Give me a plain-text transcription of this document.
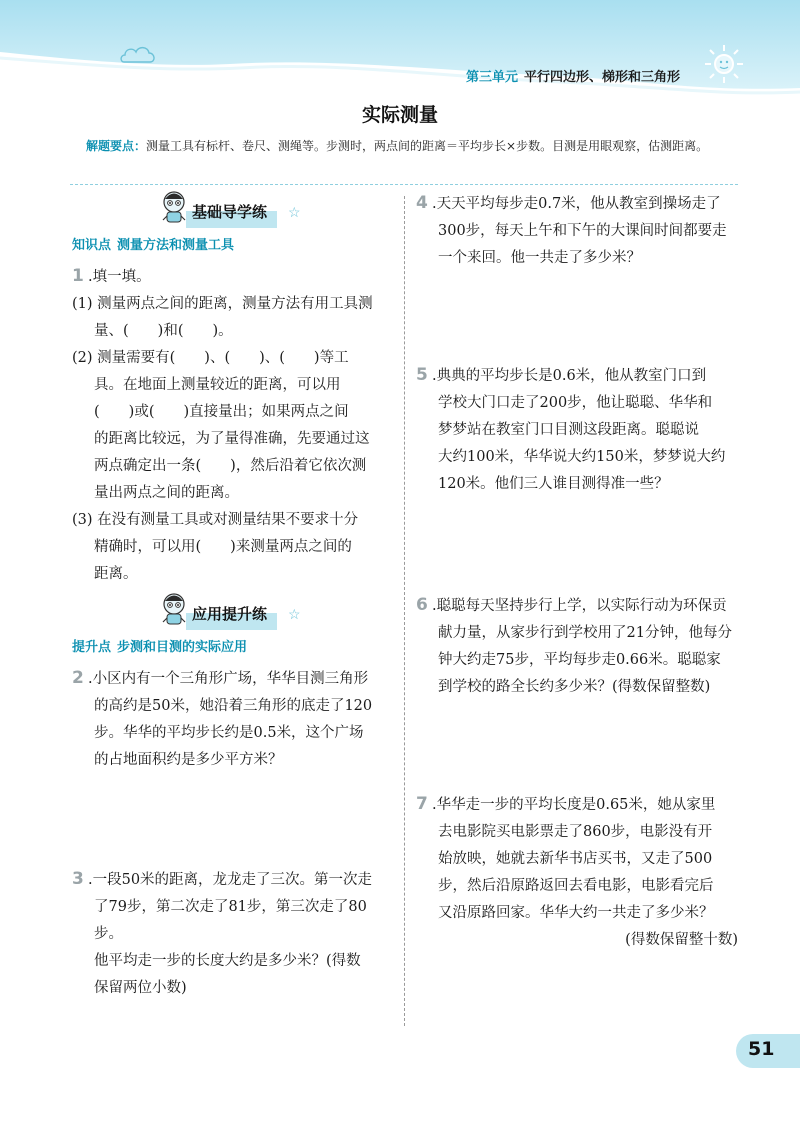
第三单元 平行四边形、梯形和三角形
实际测量
解题要点：测量工具有标杆、卷尺、测绳等。步测时，两点间的距离＝平均步长×步数。目测是用眼观察，估测距离。
基础导学练	☆
知识点 测量方法和测量工具
1 .填一填。
(1) 测量两点之间的距离，测量方法有用工具测
量、(　　)和(　　)。
(2) 测量需要有(　　)、(　　)、(　　)等工
具。在地面上测量较近的距离，可以用
(　　)或(　　)直接量出；如果两点之间
的距离比较远，为了量得准确，先要通过这
两点确定出一条(　　)，然后沿着它依次测
量出两点之间的距离。
(3) 在没有测量工具或对测量结果不要求十分
精确时，可以用(　　)来测量两点之间的
距离。
应用提升练	☆
提升点 步测和目测的实际应用
2 .小区内有一个三角形广场，华华目测三角形
的高约是50米，她沿着三角形的底走了120
步。华华的平均步长约是0.5米，这个广场
的占地面积约是多少平方米？
3 .一段50米的距离，龙龙走了三次。第一次走
了79步，第二次走了81步，第三次走了80步。
他平均走一步的长度大约是多少米？(得数
保留两位小数)
4 .天天平均每步走0.7米，他从教室到操场走了
300步，每天上午和下午的大课间时间都要走
一个来回。他一共走了多少米？
5 .典典的平均步长是0.6米，他从教室门口到
学校大门口走了200步，他让聪聪、华华和
梦梦站在教室门口目测这段距离。聪聪说
大约100米，华华说大约150米，梦梦说大约
120米。他们三人谁目测得准一些？
6 .聪聪每天坚持步行上学，以实际行动为环保贡
献力量，从家步行到学校用了21分钟，他每分
钟大约走75步，平均每步走0.66米。聪聪家
到学校的路全长约多少米？(得数保留整数)
7 .华华走一步的平均长度是0.65米，她从家里
去电影院买电影票走了860步，电影没有开
始放映，她就去新华书店买书，又走了500
步，然后沿原路返回去看电影，电影看完后
又沿原路回家。华华大约一共走了多少米？
(得数保留整十数)
51
